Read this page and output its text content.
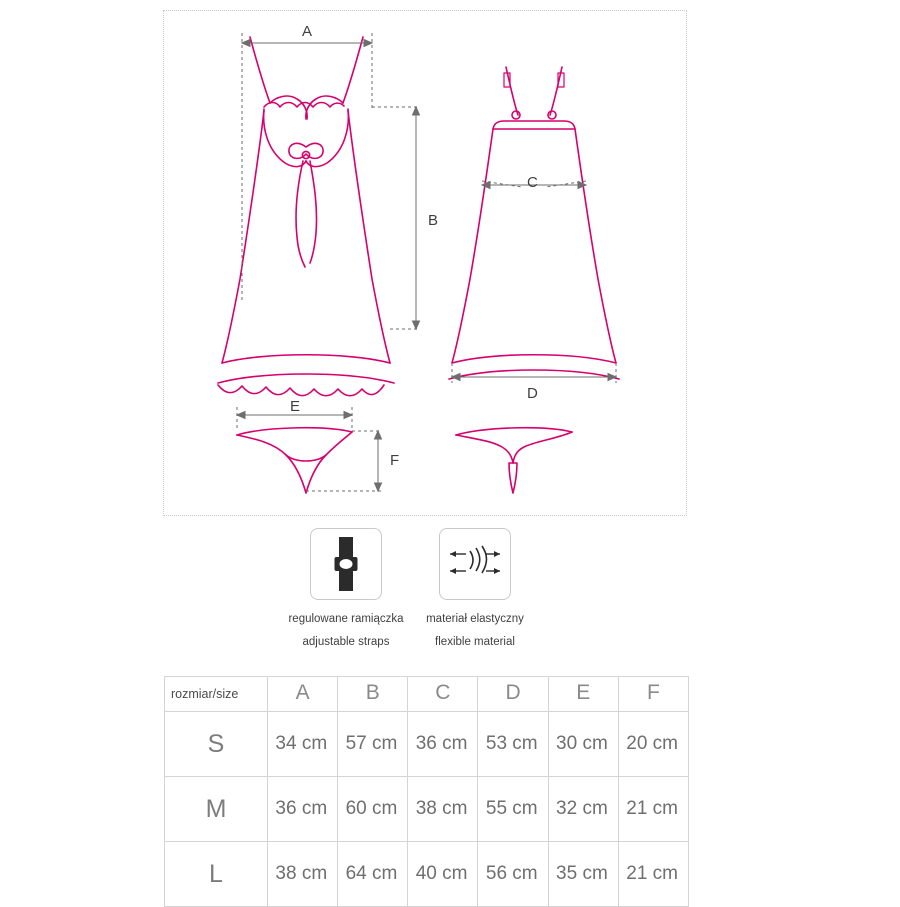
A
B
C
D
E
F
regulowane ramiączka
adjustable straps
materiał elastyczny
flexible material
rozmiar/size	A	B	C	D	E	F
S	34 cm	57 cm	36 cm	53 cm	30 cm	20 cm
M	36 cm	60 cm	38 cm	55 cm	32 cm	21 cm
L	38 cm	64 cm	40 cm	56 cm	35 cm	21 cm
